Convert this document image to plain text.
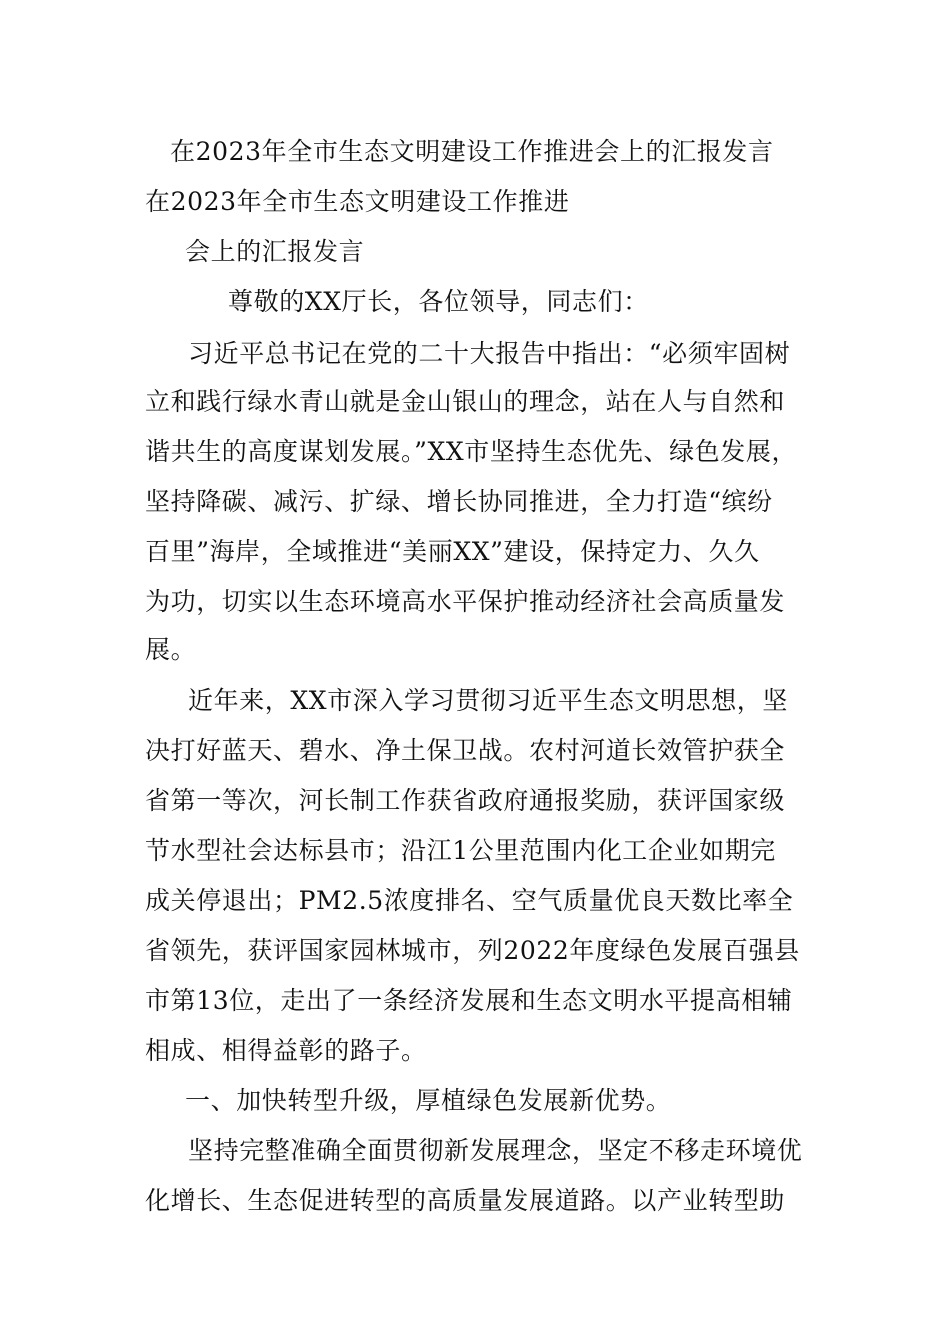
在2023年全市生态文明建设工作推进会上的汇报发言
在2023年全市生态文明建设工作推进
会上的汇报发言
尊敬的XX厅长，各位领导，同志们：
习近平总书记在党的二十大报告中指出：“必须牢固树
立和践行绿水青山就是金山银山的理念，站在人与自然和
谐共生的高度谋划发展。”XX市坚持生态优先、绿色发展，
坚持降碳、减污、扩绿、增长协同推进，全力打造“缤纷
百里”海岸，全域推进“美丽XX”建设，保持定力、久久
为功，切实以生态环境高水平保护推动经济社会高质量发
展。
近年来，XX市深入学习贯彻习近平生态文明思想，坚
决打好蓝天、碧水、净土保卫战。农村河道长效管护获全
省第一等次，河长制工作获省政府通报奖励，获评国家级
节水型社会达标县市；沿江1公里范围内化工企业如期完
成关停退出；PM2.5浓度排名、空气质量优良天数比率全
省领先，获评国家园林城市，列2022年度绿色发展百强县
市第13位，走出了一条经济发展和生态文明水平提高相辅
相成、相得益彰的路子。
一、加快转型升级，厚植绿色发展新优势。
坚持完整准确全面贯彻新发展理念，坚定不移走环境优
化增长、生态促进转型的高质量发展道路。以产业转型助
